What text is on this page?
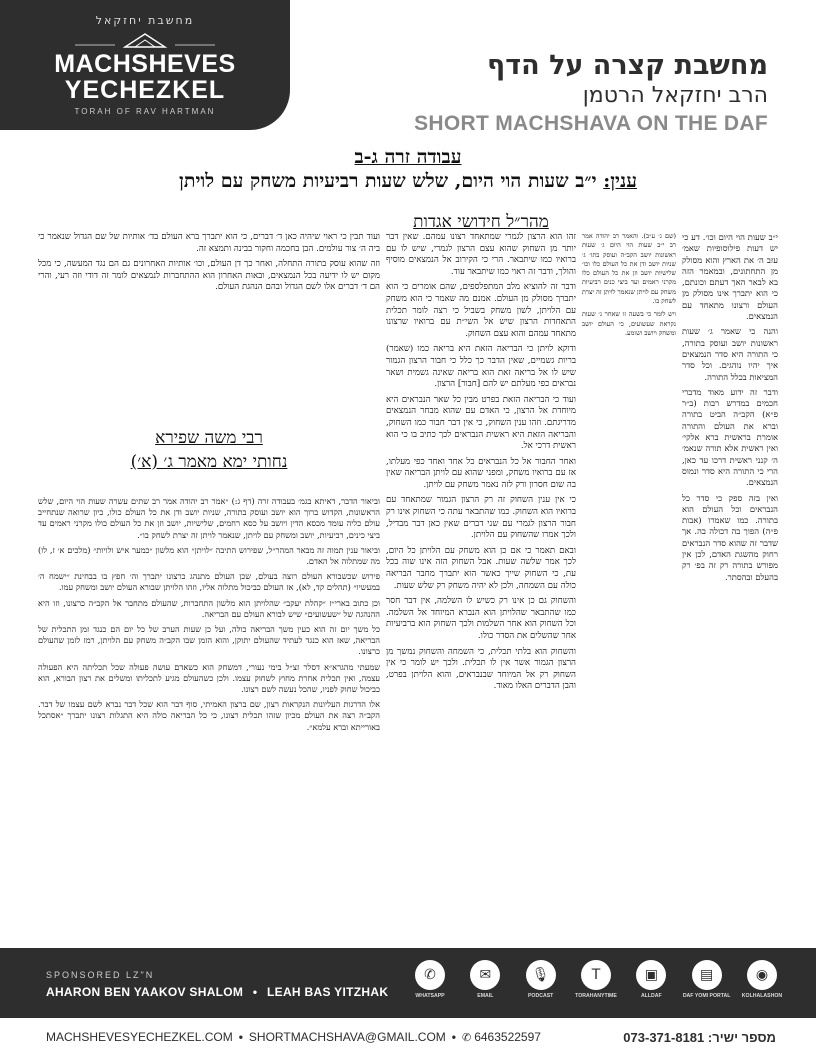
מחשבת יחזקאל
MACHSHEVES
YECHEZKEL
TORAH OF RAV HARTMAN
מחשבת קצרה על הדף
הרב יחזקאל הרטמן
SHORT MACHSHAVA ON THE DAF
עבודה זרה ג-ב
ענין: י״ב שעות הוי היום, שלש שעות רביעיות משחק עם לויתן
מהר״ל חידושי אגדות

י״ב שעות הוי היום וכו׳. דע כי יש דעות פילוסופיות שאמ׳ עזב ה׳ את הארץ והוא מסולק מן התחתונים, ובמאמר הזה בא לבאר האך דעתם וכונתם, כי הוא יתברך אינו מסולק מן העולם ורצונו מתאחד עם הנמצאים.

והנה כי שאמר ג׳ שעות ראשונות יושב ועוסק בתורה, כי התורה היא סדר הנמצאים איך יהיו נוהגים. וכל סדר המציאות בכלל התורה.

ודבר זה ידוע מאוד מדברי חכמים במדרש רבות (ב״ר פ״א) הקב״ה הביט בתורה וברא את העולם והתורה אומרת בראשית ברא אלקי׳ ואין ראשית אלא תורה שנאמ׳ ה׳ קנני ראשית דרכו עד כאן, הרי כי התורה היא סדר ונמוס הנמצאים.

ואין בזה ספק כי סדר כל הנבראים וכל העולם הוא בתורה. כמו שאמרו (אבות פ״ה) הפוך בה דכולה בה. אך שדבר זה שהוא סדר הנבראים רחוק מהשגת האדם, לכן אין מפורש בתורה רק זה בפ׳ רק בהעלם ובהסתר.

(שם ג׳ ע״ב). והאמר רב יהודה אמר רב י״ב שעות הוי היום ג׳ שעות ראשונות יושב הקב״ה ועוסק בתו׳ ג׳ שניות יושב ודן את כל העולם כלו וכו׳ שלישיות יושב וזן את כל העולם כלו מקרני ראמים ועד ביצי כנים רביעיות משחק עם לויתן שנאמר לויתן זה יצרת לשחק בו.

ויש לומר כי בשעה זו שאחר ג׳ שעות נקראת שעשועים, כי העולם יושב ומשחק ויושב ושומע.

זהו הוא הרצון לגמרי שמתאחד רצונו עמהם. שאין דבר יותר מן השחוק שהוא עצם הרצון לגמרי, שיש לו עם ברואיו כמו שיתבאר. הרי כי הקירוב אל הנמצאים מוסיף והולך, ודבר זה ראוי כמו שיתבאר עוד.

ודבר זה להוציא מלב המתפלספים, שהם אומרים כי הוא יתברך מסולק מן העולם. אמנם מה שאמר כי הוא משחק עם הלויתן, לשון משחק בשביל כי רצה לומר תכלית התאחדות הרצון שיש אל השי״ת עם ברואיו שרצונו מתאחד עמהם והוא עצם השחוק.

ודוקא לויתן כי הבריאה הזאת היא בריאה כמו (שאמר) בריות גשמיים, שאין הדבר כך כלל כי חבור הרצון הגמור שיש לו אל בריאה זאת הוא בריאה שאינה גשמית ושאר נבראים כפי מעלתם יש להם [חבור] הרצון.

ועוד כי הבריאה הזאת בפרט מבין כל שאר הנבראים היא מיוחדת אל הרצון, כי האדם עם שהוא מבחר הנמצאים מדריגתם. וזהו ענין השחוק, כי אין דבר חבור כמו השחוק, והבריאה הזאת היא ראשית הנבראים לכך כתיב בו כי הוא ראשית דרכי אל.

ואחר החבור אל כל הנבראים כל אחד ואחד כפי מעלתו, אז עם ברואיו משחק, ומפני שהוא עם לויתן הבריאה שאין בה שום חסרון ורק לזה נאמר משחק עם לויתן.

כי אין ענין השחוק זה רק הרצון הגמור שמתאחד עם ברואיו הוא השחוק. כמו שהתבאר עתה כי השחוק אינו רק חבור הרצון לגמרי עם שני דברים שאין כאן דבר מבדיל, ולכך אמרו שהשחוק עם הלויתן.

ובאם תאמר כי אם כן הוא משחק עם הלויתן כל היום, לכך אמר שלשה שעות. אבל השחוק הזה אינו שוה בכל עת, כי השחוק שייך כאשר הוא יתברך מחבר הבריאה כולה עם השמחה, ולכן לא יהיה משחק רק שלש שעות.

והשחוק גם כן אינו רק כשיש לו השלמה, אין דבר חסר כמו שהתבאר שהלויתן הוא הנברא המיוחד אל השלמה. וכל השחוק הוא אחר השלמות ולכך השחוק הוא ברביעיות אחר שהשלים את הסדר כולו.

והשחוק הוא בלתי תכלית, כי השמחה והשחוק נמשך מן הרצון הגמור אשר אין לו תכלית. ולכך יש לומר כי אין השחוק רק אל המיוחד שבנבראים, והוא הלויתן בפרט, והבן הדברים האלו מאוד.

ועוד תבין כי ראוי שיהיה כאן ד׳ דברים, כי הוא יתברך ברא העולם בד׳ אותיות של שם הגדול שנאמר כי ביה ה׳ צור עולמים. הבן בחכמה וחקור בבינה ותמצא זה.

וזה שהוא עוסק בתורה התחלה, ואחר כך דן העולם, וכו׳ אותיות האחרונים גם הם נגד המעשה, כי מכל מקום יש לו ידיעה בכל הנמצאים, ובאות האחרון הוא ההתחברות לנמצאים לומר זה דודי וזה רעי, והרי הם ד׳ דברים אלו לשם הגדול ובהם הנהגת העולם.

רבי משה שפירא
נחותי ימא מאמר ג׳ (א׳)

וביאור הדבר, דאיתא בגמ׳ בעבודה זרה (דף ג:) ״אמר רב יהודה אמר רב שתים עשרה שעות הוי היום, שלש הראשונות, הקדוש ברוך הוא יושב ועוסק בתורה, שניות יושב ודן את כל העולם כולו, כיון שרואה שנתחייב עולם כליה עומד מכסא הדין ויושב על כסא רחמים, שלישיות, יושב וזן את כל העולם כולו מקרני ראמים עד ביצי כינים, רביעיות, יושב ומשחק עם לויתן, שנאמר לויתן זה יצרת לשחק בו״.

וביאור ענין תמוה זה מבאר המהר״ל, שפירוש התיבה ״לויתן״ הוא מלשון ״כמער איש ולויות״ (מלכים א׳ ז, לו) מה שמתלוה אל האדם.

פירוש שכשבורא העולם רוצה בעולם, שכן העולם מתנהג כרצונו יתברך וה׳ חפץ בו בבחינת ״ישמח ה׳ במעשיו״ (תהלים קד, לא), אז העולם כביכול מתלוה אליו, וזהו הלויתן שבורא העולם יושב ומשחק עמו.

וכן כתוב בארי״ז ״קהלת יעקב״ שהלויתן הוא מלשון התחברות, שהעולם מתחבר אל הקב״ה כרצונו, וזו היא ההנהגה של ״שעשועים״ שיש לבורא העולם עם הבריאה.

כל משך יום זה הוא כעין משך הבריאה כולה, ועל כן שעות הערב של כל יום הם כנגד זמן התכלית של הבריאה, שאז הוא כנגד לעתיד שהעולם יתוקן, והוא הזמן שבו הקב״ה משחק עם הלויתן, רמז לזמן שהעולם כרצונו.

שמעתי מהגרא״א דסלר זצ״ל בימי נעורי, דמשחק הוא כשאדם עושה פעולה שכל תכליתה היא הפעולה עצמה, ואין תכלית אחרת מחוץ לשחוק עצמו. ולכן כשהעולם מגיע לתכליתו ומשלים את רצון הבורא, הוא כביכול שחוק לפניו, שהכל נעשה לשם רצונו.

אלו הדרגות העליונות הנקראות רצון, שם ברצון האמיתי, סוף דבר הוא שכל דבר נברא לשם עצמו של דבר. הקב״ה רצה את העולם מכיון שזהו תכלית רצונו, כי כל הבריאה כולה היא התגלות רצונו יתברך ״אסתכל באורייתא וברא עלמא״.

SPONSORED LZ"N
AHARON BEN YAAKOV SHALOM • LEAH BAS YITZHAK
✆
WHATSAPP
✉
EMAIL
🎙
PODCAST
T
TORAHANYTIME
▣
ALLDAF
▤
DAF YOMI PORTAL
◉
KOLHALASHON
MACHSHEVESYECHEZKEL.COM • SHORTMACHSHAVA@GMAIL.COM • ✆ 6463522597	מספר ישיר: 073-371-8181
